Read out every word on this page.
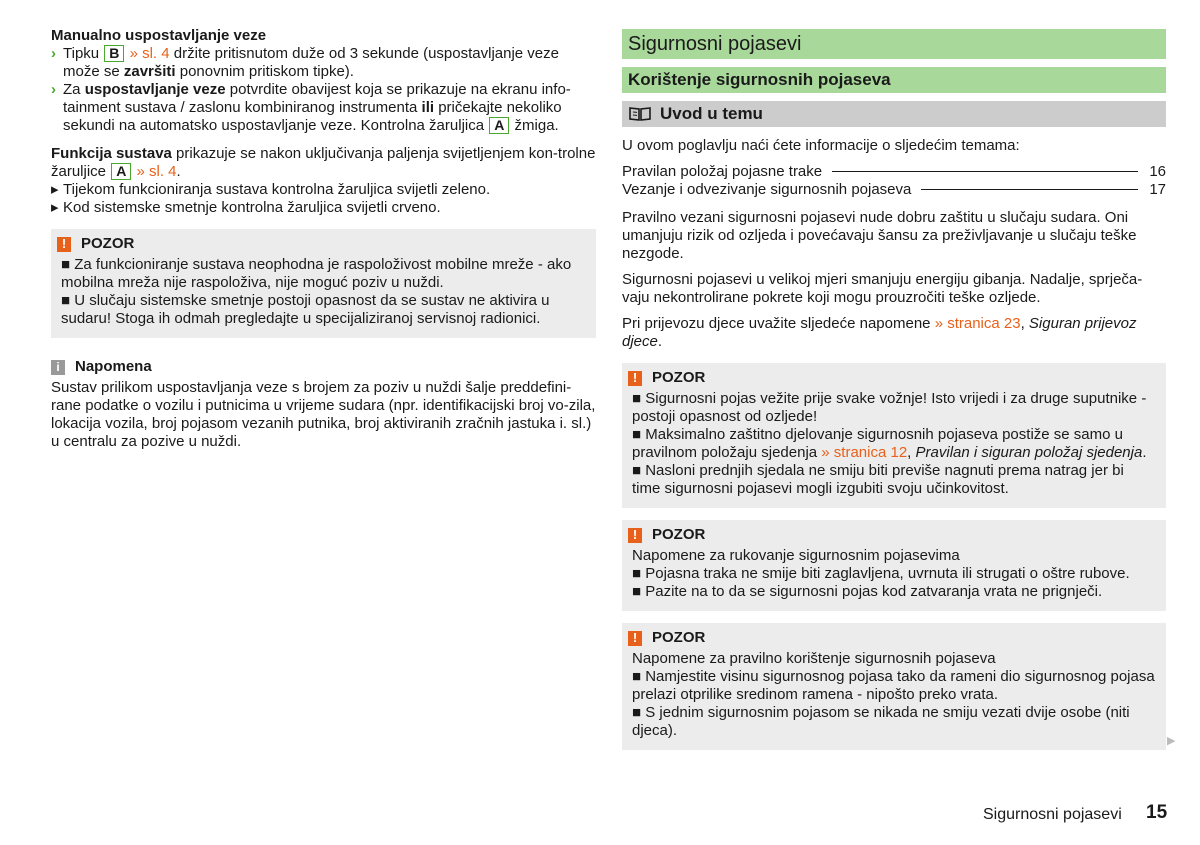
Manualno uspostavljanje veze

› Tipku B » sl. 4 držite pritisnutom duže od 3 sekunde (uspostavljanje veze može se završiti ponovnim pritiskom tipke).

› Za uspostavljanje veze potvrdite obavijest koja se prikazuje na ekranu info-tainment sustava / zaslonu kombiniranog instrumenta ili pričekajte nekoliko sekundi na automatsko uspostavljanje veze. Kontrolna žaruljica A žmiga.

Funkcija sustava prikazuje se nakon uključivanja paljenja svijetljenjem kon-trolne žaruljice A » sl. 4.

▸ Tijekom funkcioniranja sustava kontrolna žaruljica svijetli zeleno.
▸ Kod sistemske smetnje kontrolna žaruljica svijetli crveno.
! POZOR

■ Za funkcioniranje sustava neophodna je raspoloživost mobilne mreže - ako mobilna mreža nije raspoloživa, nije moguć poziv u nuždi.

■ U slučaju sistemske smetnje postoji opasnost da se sustav ne aktivira u sudaru! Stoga ih odmah pregledajte u specijaliziranoj servisnoj radionici.

i	Napomena

Sustav prilikom uspostavljanja veze s brojem za poziv u nuždi šalje preddefini-rane podatke o vozilu i putnicima u vrijeme sudara (npr. identifikacijski broj vo-zila, lokacija vozila, broj pojasom vezanih putnika, broj aktiviranih zračnih jastuka i. sl.) u centralu za pozive u nuždi.

Sigurnosni pojasevi
Korištenje sigurnosnih pojaseva
Uvod u temu

U ovom poglavlju naći ćete informacije o sljedećim temama:

Pravilan položaj pojasne trake	16
Vezanje i odvezivanje sigurnosnih pojaseva	17

Pravilno vezani sigurnosni pojasevi nude dobru zaštitu u slučaju sudara. Oni umanjuju rizik od ozljeda i povećavaju šansu za preživljavanje u slučaju teške nezgode.

Sigurnosni pojasevi u velikoj mjeri smanjuju energiju gibanja. Nadalje, sprječa-vaju nekontrolirane pokrete koji mogu prouzročiti teške ozljede.

Pri prijevozu djece uvažite sljedeće napomene » stranica 23, Siguran prijevoz djece.

! POZOR

■ Sigurnosni pojas vežite prije svake vožnje! Isto vrijedi i za druge suputnike - postoji opasnost od ozljede!

■ Maksimalno zaštitno djelovanje sigurnosnih pojaseva postiže se samo u pravilnom položaju sjedenja » stranica 12, Pravilan i siguran položaj sjedenja.

■ Nasloni prednjih sjedala ne smiju biti previše nagnuti prema natrag jer bi time sigurnosni pojasevi mogli izgubiti svoju učinkovitost.

! POZOR

Napomene za rukovanje sigurnosnim pojasevima

■ Pojasna traka ne smije biti zaglavljena, uvrnuta ili strugati o oštre rubove.

■ Pazite na to da se sigurnosni pojas kod zatvaranja vrata ne prignječi.

! POZOR

Napomene za pravilno korištenje sigurnosnih pojaseva

■ Namjestite visinu sigurnosnog pojasa tako da rameni dio sigurnosnog pojasa prelazi otprilike sredinom ramena - nipošto preko vrata.

■ S jednim sigurnosnim pojasom se nikada ne smiju vezati dvije osobe (niti djeca).

▶
Sigurnosni pojasevi 15
